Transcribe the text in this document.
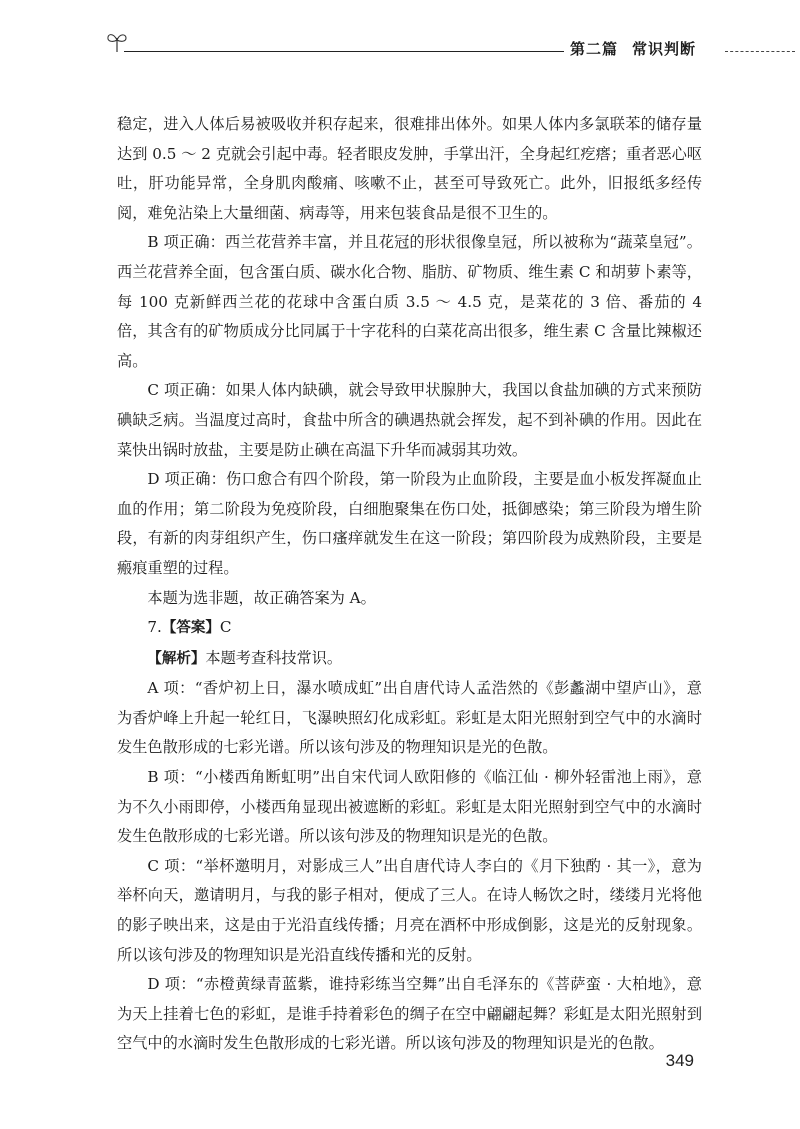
第二篇 常识判断

稳定，进入人体后易被吸收并积存起来，很难排出体外。如果人体内多氯联苯的储存量达到 0.5 ～ 2 克就会引起中毒。轻者眼皮发肿，手掌出汗，全身起红疙瘩；重者恶心呕吐，肝功能异常，全身肌肉酸痛、咳嗽不止，甚至可导致死亡。此外，旧报纸多经传阅，难免沾染上大量细菌、病毒等，用来包装食品是很不卫生的。

B 项正确：西兰花营养丰富，并且花冠的形状很像皇冠，所以被称为“蔬菜皇冠”。西兰花营养全面，包含蛋白质、碳水化合物、脂肪、矿物质、维生素 C 和胡萝卜素等，每 100 克新鲜西兰花的花球中含蛋白质 3.5 ～ 4.5 克，是菜花的 3 倍、番茄的 4 倍，其含有的矿物质成分比同属于十字花科的白菜花高出很多，维生素 C 含量比辣椒还高。

C 项正确：如果人体内缺碘，就会导致甲状腺肿大，我国以食盐加碘的方式来预防碘缺乏病。当温度过高时，食盐中所含的碘遇热就会挥发，起不到补碘的作用。因此在菜快出锅时放盐，主要是防止碘在高温下升华而减弱其功效。

D 项正确：伤口愈合有四个阶段，第一阶段为止血阶段，主要是血小板发挥凝血止血的作用；第二阶段为免疫阶段，白细胞聚集在伤口处，抵御感染；第三阶段为增生阶段，有新的肉芽组织产生，伤口瘙痒就发生在这一阶段；第四阶段为成熟阶段，主要是瘢痕重塑的过程。

本题为选非题，故正确答案为 A。

7.【答案】C

【解析】本题考查科技常识。

A 项：“香炉初上日，瀑水喷成虹”出自唐代诗人孟浩然的《彭蠡湖中望庐山》，意为香炉峰上升起一轮红日，飞瀑映照幻化成彩虹。彩虹是太阳光照射到空气中的水滴时发生色散形成的七彩光谱。所以该句涉及的物理知识是光的色散。

B 项：“小楼西角断虹明”出自宋代词人欧阳修的《临江仙 · 柳外轻雷池上雨》，意为不久小雨即停，小楼西角显现出被遮断的彩虹。彩虹是太阳光照射到空气中的水滴时发生色散形成的七彩光谱。所以该句涉及的物理知识是光的色散。

C 项：“举杯邀明月，对影成三人”出自唐代诗人李白的《月下独酌 · 其一》，意为举杯向天，邀请明月，与我的影子相对，便成了三人。在诗人畅饮之时，缕缕月光将他的影子映出来，这是由于光沿直线传播；月亮在酒杯中形成倒影，这是光的反射现象。所以该句涉及的物理知识是光沿直线传播和光的反射。

D 项：“赤橙黄绿青蓝紫，谁持彩练当空舞”出自毛泽东的《菩萨蛮 · 大柏地》，意为天上挂着七色的彩虹，是谁手持着彩色的绸子在空中翩翩起舞？彩虹是太阳光照射到空气中的水滴时发生色散形成的七彩光谱。所以该句涉及的物理知识是光的色散。

349
